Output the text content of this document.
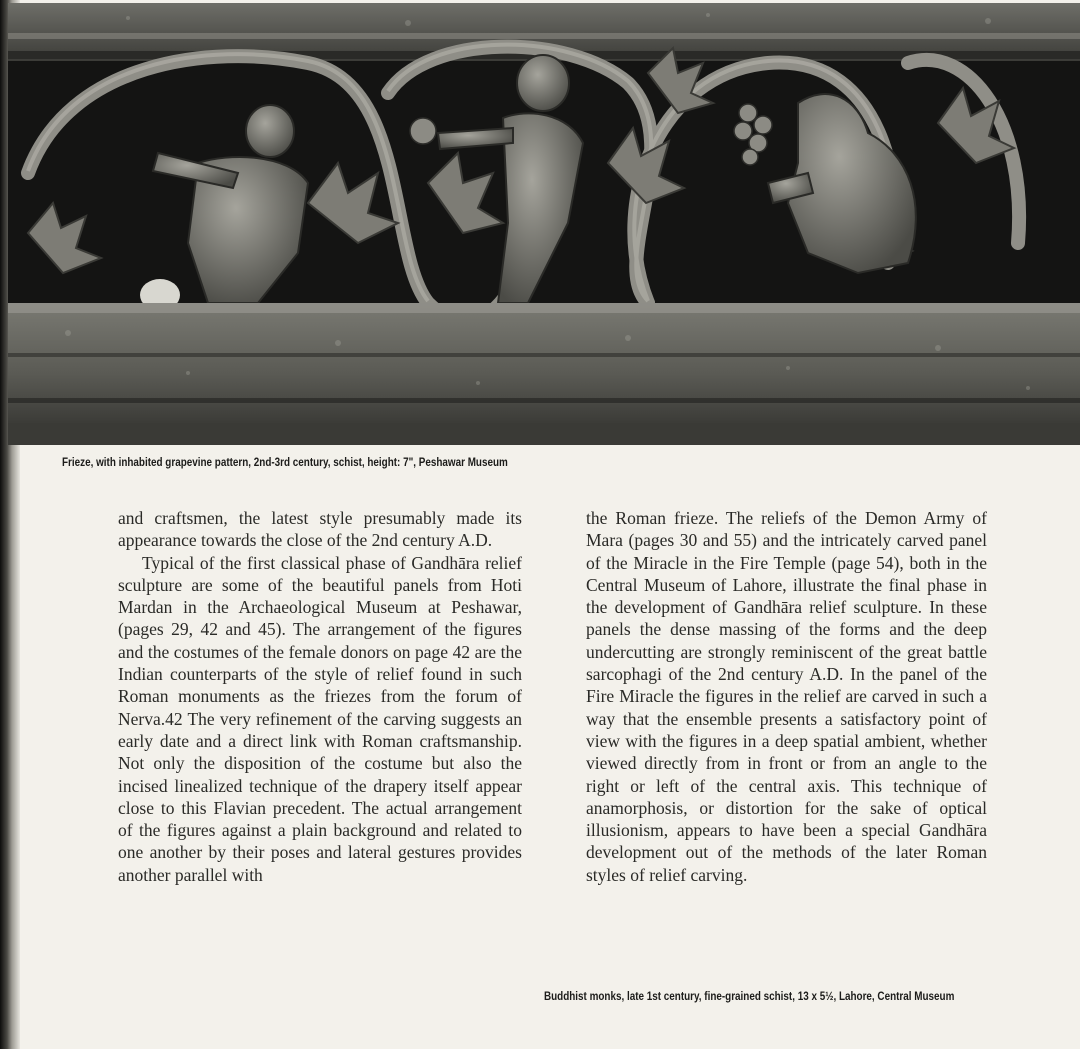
Frieze, with inhabited grapevine pattern, 2nd-3rd century, schist, height: 7", Peshawar Museum

and craftsmen, the latest style presumably made its appearance towards the close of the 2nd century A.D.

Typical of the first classical phase of Gandhāra relief sculpture are some of the beautiful panels from Hoti Mardan in the Archaeological Museum at Peshawar, (pages 29, 42 and 45). The arrangement of the figures and the costumes of the female donors on page 42 are the Indian counterparts of the style of relief found in such Roman monuments as the friezes from the forum of Nerva.42 The very refinement of the carving suggests an early date and a direct link with Roman craftsmanship. Not only the disposition of the costume but also the incised linealized technique of the drapery itself appear close to this Flavian precedent. The actual arrangement of the figures against a plain background and related to one another by their poses and lateral gestures provides another parallel with

the Roman frieze. The reliefs of the Demon Army of Mara (pages 30 and 55) and the intricately carved panel of the Miracle in the Fire Temple (page 54), both in the Central Museum of Lahore, illustrate the final phase in the development of Gandhāra relief sculpture. In these panels the dense massing of the forms and the deep undercutting are strongly reminiscent of the great battle sarcophagi of the 2nd century A.D. In the panel of the Fire Miracle the figures in the relief are carved in such a way that the ensemble presents a satisfactory point of view with the figures in a deep spatial ambient, whether viewed directly from in front or from an angle to the right or left of the central axis. This technique of anamorphosis, or distortion for the sake of optical illusionism, appears to have been a special Gandhāra development out of the methods of the later Roman styles of relief carving.

Buddhist monks, late 1st century, fine-grained schist, 13 x 5½, Lahore, Central Museum
